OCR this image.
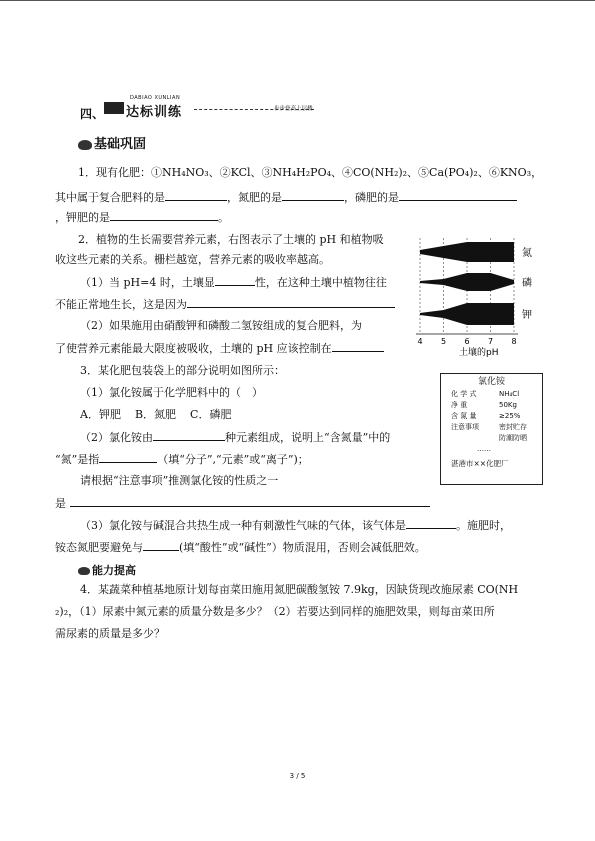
四、
DABIAO XUNLIAN
达标训练	步步登高上层楼
基础巩固
1．现有化肥：①NH₄NO₃、②KCl、③NH₄H₂PO₄、④CO(NH₂)₂、⑤Ca(PO₄)₂、⑥KNO₃，
其中属于复合肥料的是	，氮肥的是	，磷肥的是
，钾肥的是	。
2．植物的生长需要营养元素，右图表示了土壤的 pH 和植物吸
收这些元素的关系。栅栏越宽，营养元素的吸收率越高。
（1）当 pH=4 时，土壤显	性，在这种土壤中植物往往
不能正常地生长，这是因为
（2）如果施用由硝酸钾和磷酸二氢铵组成的复合肥料，为
了使营养元素能最大限度被吸收，土壤的 pH 应该控制在
氮
磷
钾
4 5 6 7 8
土壤的pH
3．某化肥包装袋上的部分说明如图所示：
（1）氯化铵属于化学肥料中的（　）
A．钾肥 B．氮肥 C．磷肥
（2）氯化铵由	种元素组成，说明上“含氮量”中的
“氮”是指	（填“分子”,“元素”或“离子”)；
请根据“注意事项”推测氯化铵的性质之一
是
（3）氯化铵与碱混合共热生成一种有刺激性气味的气体，该气体是	。施肥时，
铵态氮肥要避免与	(填“酸性”或“碱性”）物质混用，否则会减低肥效。
氯化铵
化 学 式	NH₄Cl
净 重	50Kg
含 氮 量	≥25%
注意事项	密封贮存
防潮防晒
……
湛港市××化肥厂
能力提高
4．某蔬菜种植基地原计划每亩菜田施用氮肥碳酸氢铵 7.9kg，因缺货现改施尿素 CO(NH
₂)₂，（1）尿素中氮元素的质量分数是多少？（2）若要达到同样的施肥效果，则每亩菜田所
需尿素的质量是多少？
3 / 5
